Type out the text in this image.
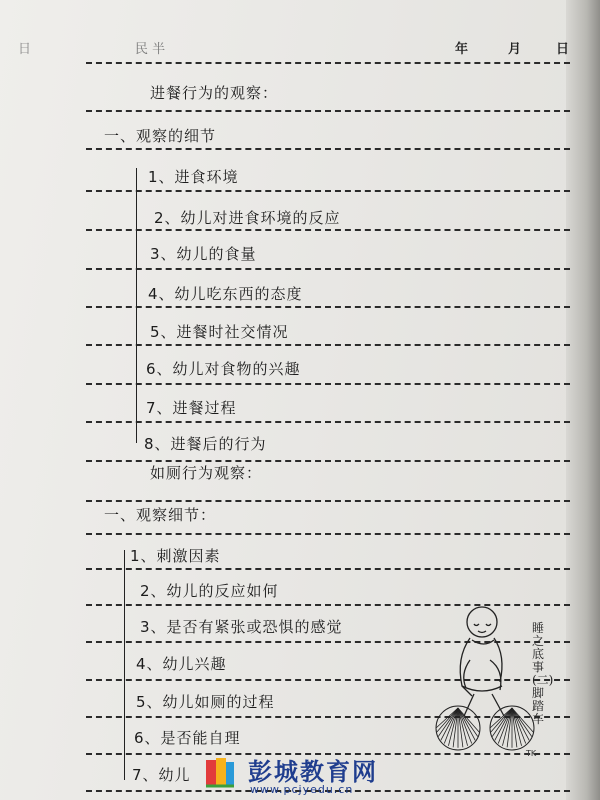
日	民 半	年	月	日
进餐行为的观察：
一、观察的细节
1、进食环境
2、幼儿对进食环境的反应
3、幼儿的食量
4、幼儿吃东西的态度
5、进餐时社交情况
6、幼儿对食物的兴趣
7、进餐过程
8、进餐后的行为
如厕行为观察：
一、观察细节：
1、刺激因素
2、幼儿的反应如何
3、是否有紧张或恐惧的感觉
4、幼儿兴趣
5、幼儿如厕的过程
6、是否能自理
7、幼儿
TK
睡之底事 (二)脚踏车
彭城教育网
www.pcjyedu.cn
